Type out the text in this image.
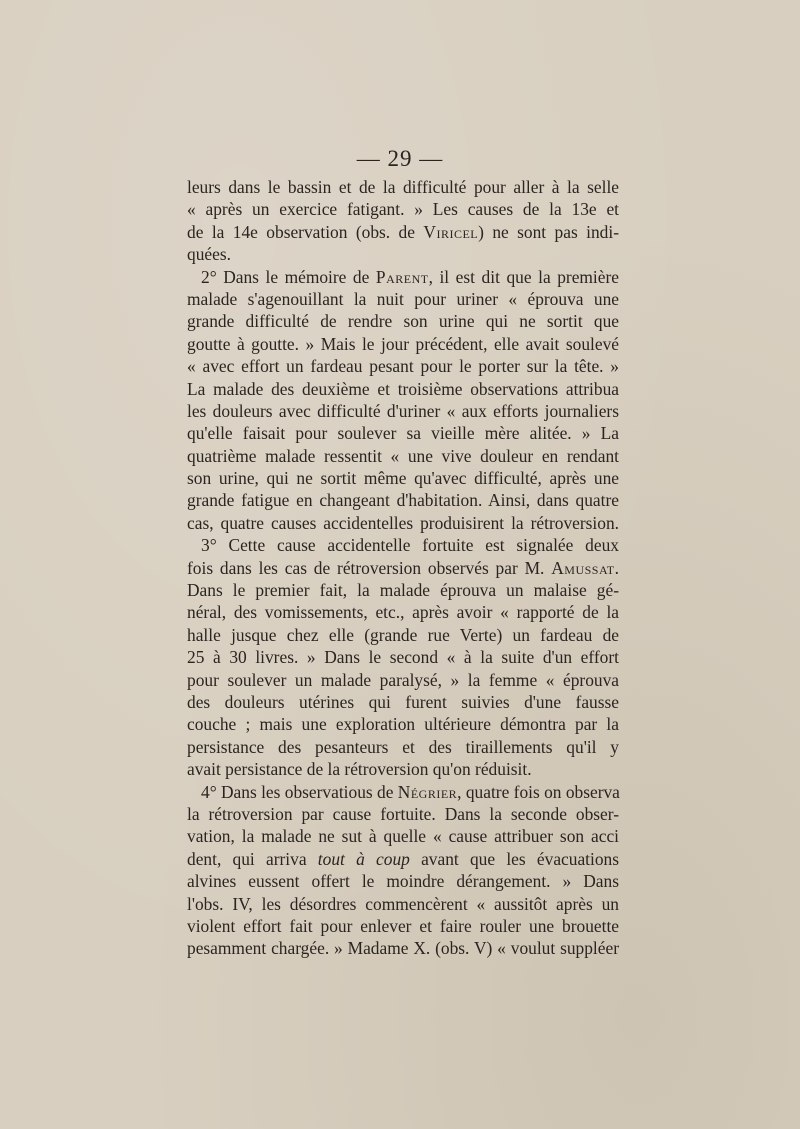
— 29 —
leurs dans le bassin et de la difficulté pour aller à la selle
« après un exercice fatigant. » Les causes de la 13e et
de la 14e observation (obs. de Viricel) ne sont pas indi-
quées.
2° Dans le mémoire de Parent, il est dit que la première
malade s'agenouillant la nuit pour uriner « éprouva une
grande difficulté de rendre son urine qui ne sortit que
goutte à goutte. » Mais le jour précédent, elle avait soulevé
« avec effort un fardeau pesant pour le porter sur la tête. »
La malade des deuxième et troisième observations attribua
les douleurs avec difficulté d'uriner « aux efforts journaliers
qu'elle faisait pour soulever sa vieille mère alitée. » La
quatrième malade ressentit « une vive douleur en rendant
son urine, qui ne sortit même qu'avec difficulté, après une
grande fatigue en changeant d'habitation. Ainsi, dans quatre
cas, quatre causes accidentelles produisirent la rétroversion.
3° Cette cause accidentelle fortuite est signalée deux
fois dans les cas de rétroversion observés par M. Amussat.
Dans le premier fait, la malade éprouva un malaise gé-
néral, des vomissements, etc., après avoir « rapporté de la
halle jusque chez elle (grande rue Verte) un fardeau de
25 à 30 livres. » Dans le second « à la suite d'un effort
pour soulever un malade paralysé, » la femme « éprouva
des douleurs utérines qui furent suivies d'une fausse
couche ; mais une exploration ultérieure démontra par la
persistance des pesanteurs et des tiraillements qu'il y
avait persistance de la rétroversion qu'on réduisit.
4° Dans les observatious de Négrier, quatre fois on observa
la rétroversion par cause fortuite. Dans la seconde obser-
vation, la malade ne sut à quelle « cause attribuer son acci
dent, qui arriva tout à coup avant que les évacuations
alvines eussent offert le moindre dérangement. » Dans
l'obs. IV, les désordres commencèrent « aussitôt après un
violent effort fait pour enlever et faire rouler une brouette
pesamment chargée. » Madame X. (obs. V) « voulut suppléer
